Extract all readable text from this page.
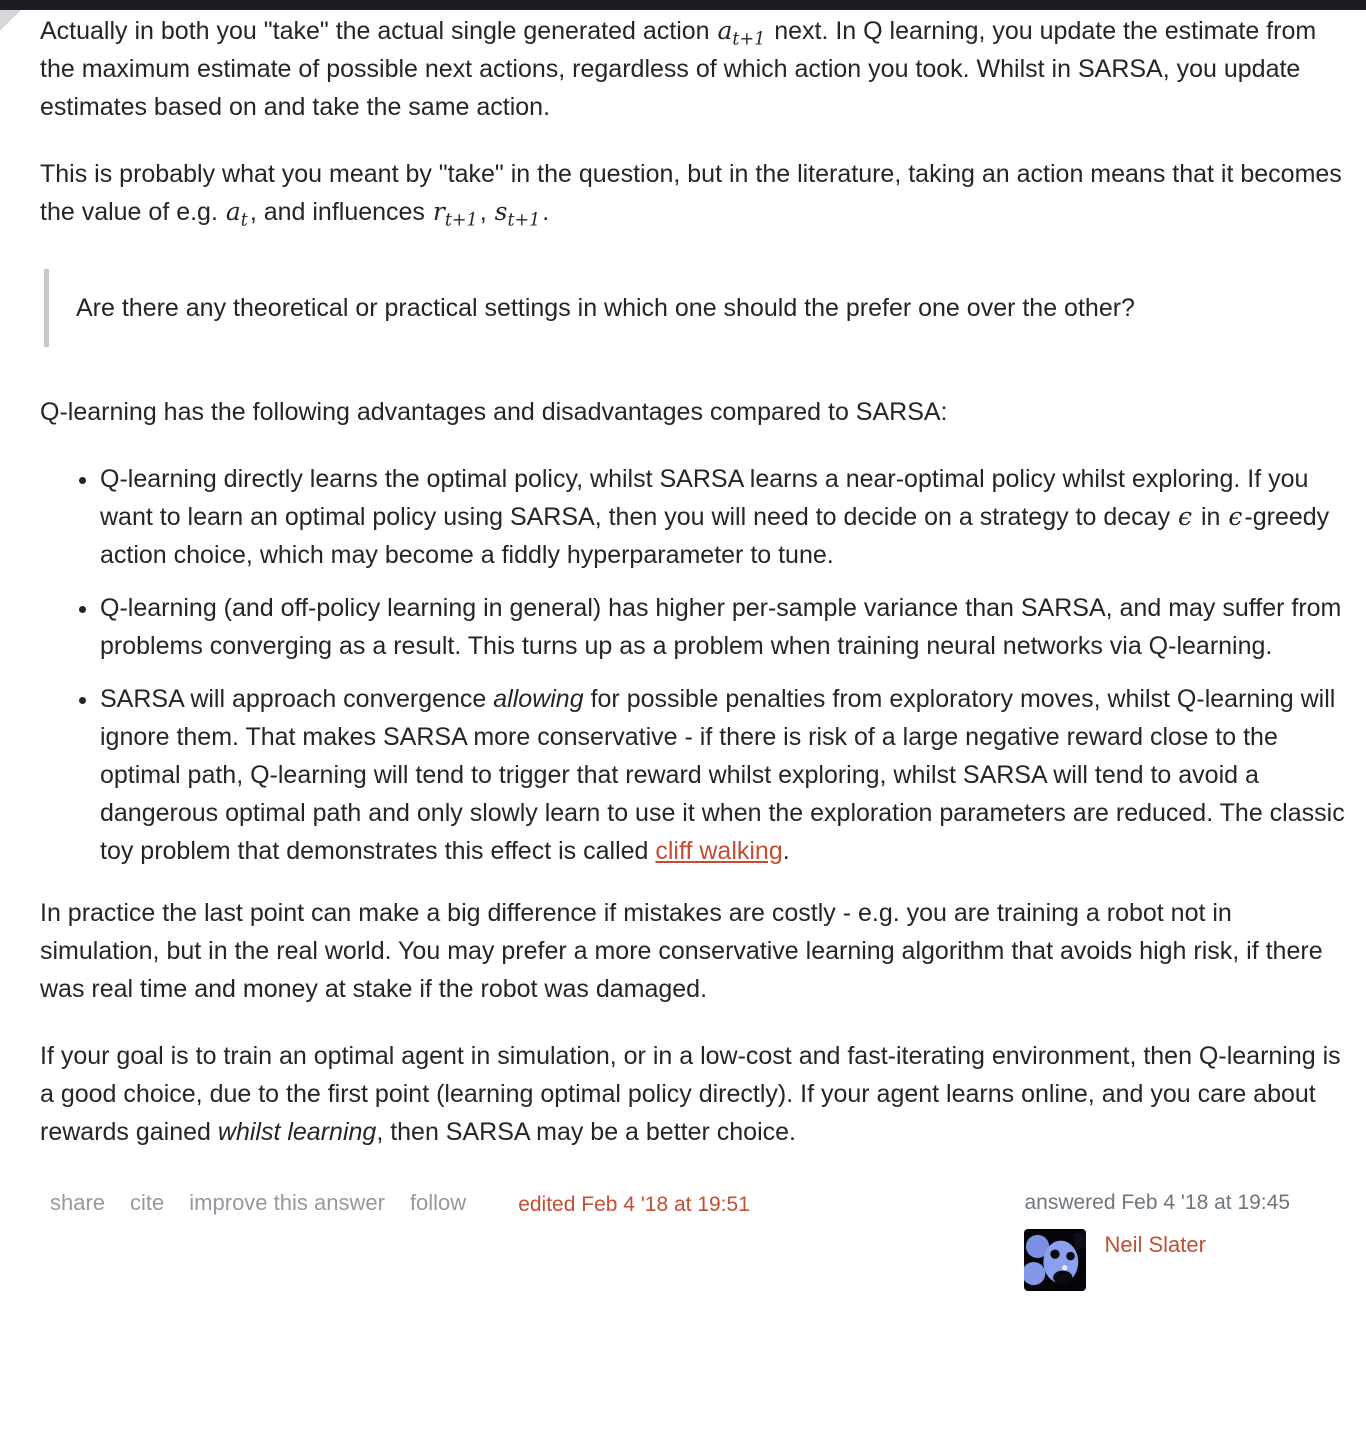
Actually in both you "take" the actual single generated action $a_{t+1}$ next. In Q learning, you update the estimate from the maximum estimate of possible next actions, regardless of which action you took. Whilst in SARSA, you update estimates based on and take the same action.

This is probably what you meant by "take" in the question, but in the literature, taking an action means that it becomes the value of e.g. $a_t$, and influences $r_{t+1}$, $s_{t+1}$.

Are there any theoretical or practical settings in which one should the prefer one over the other?

Q-learning has the following advantages and disadvantages compared to SARSA:

• Q-learning directly learns the optimal policy, whilst SARSA learns a near-optimal policy whilst exploring. If you want to learn an optimal policy using SARSA, then you will need to decide on a strategy to decay ϵ in ϵ-greedy action choice, which may become a fiddly hyperparameter to tune.
• Q-learning (and off-policy learning in general) has higher per-sample variance than SARSA, and may suffer from problems converging as a result. This turns up as a problem when training neural networks via Q-learning.
• SARSA will approach convergence allowing for possible penalties from exploratory moves, whilst Q-learning will ignore them. That makes SARSA more conservative - if there is risk of a large negative reward close to the optimal path, Q-learning will tend to trigger that reward whilst exploring, whilst SARSA will tend to avoid a dangerous optimal path and only slowly learn to use it when the exploration parameters are reduced. The classic toy problem that demonstrates this effect is called cliff walking.

In practice the last point can make a big difference if mistakes are costly - e.g. you are training a robot not in simulation, but in the real world. You may prefer a more conservative learning algorithm that avoids high risk, if there was real time and money at stake if the robot was damaged.

If your goal is to train an optimal agent in simulation, or in a low-cost and fast-iterating environment, then Q-learning is a good choice, due to the first point (learning optimal policy directly). If your agent learns online, and you care about rewards gained whilst learning, then SARSA may be a better choice.

share cite improve this answer follow edited Feb 4 '18 at 19:51	answered Feb 4 '18 at 19:45
Neil Slater
